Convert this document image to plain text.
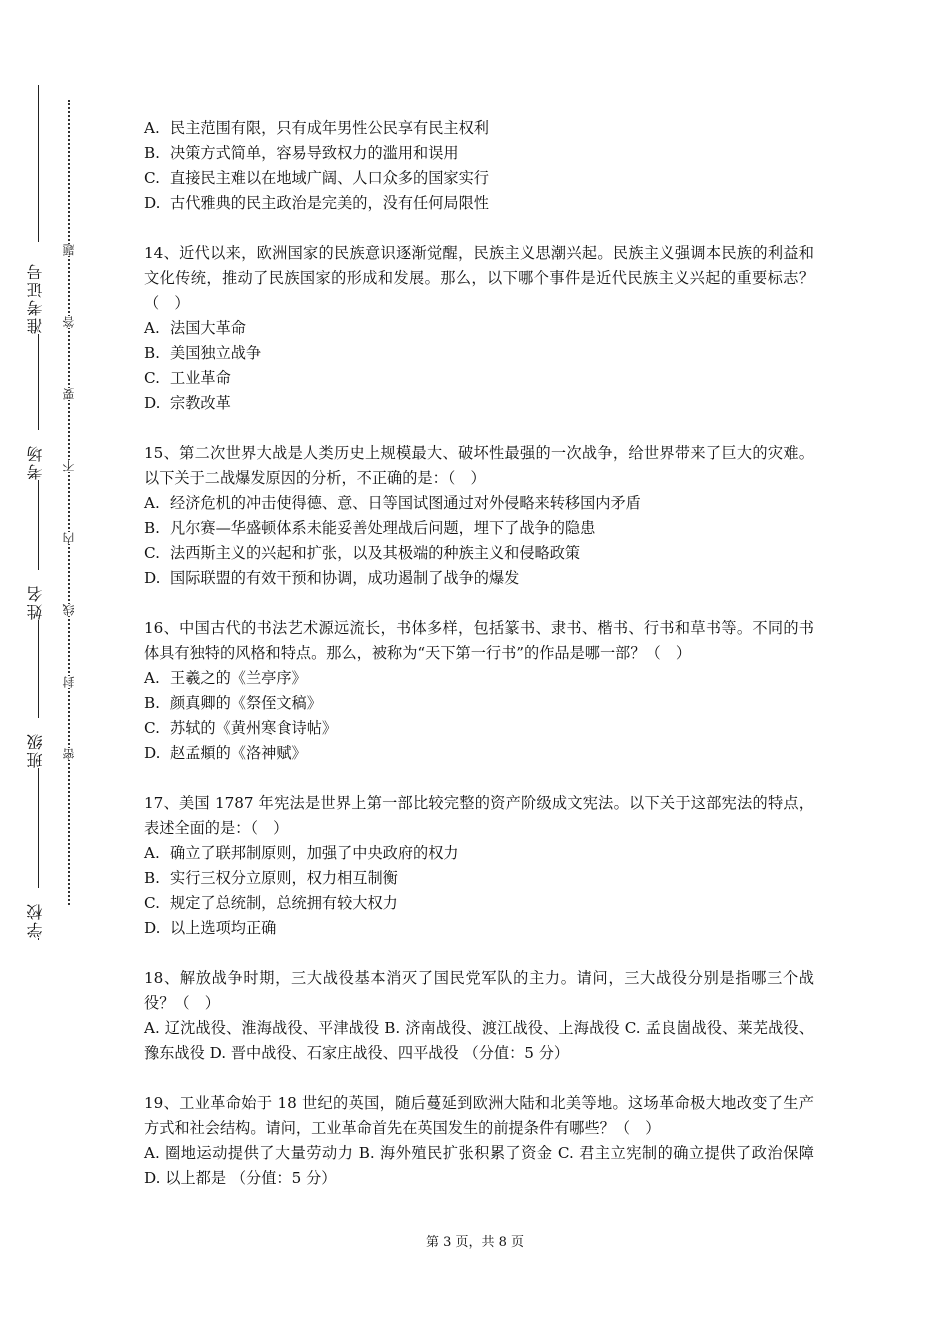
准考证号
考场
姓名
班级
学校
题
答
要
不
内
线
封
密
A. 民主范围有限，只有成年男性公民享有民主权利
B. 决策方式简单，容易导致权力的滥用和误用
C. 直接民主难以在地域广阔、人口众多的国家实行
D. 古代雅典的民主政治是完美的，没有任何局限性
14、近代以来，欧洲国家的民族意识逐渐觉醒，民族主义思潮兴起。民族主义强调本民族的利益和文化传统，推动了民族国家的形成和发展。那么，以下哪个事件是近代民族主义兴起的重要标志？（　）
A. 法国大革命
B. 美国独立战争
C. 工业革命
D. 宗教改革
15、第二次世界大战是人类历史上规模最大、破坏性最强的一次战争，给世界带来了巨大的灾难。以下关于二战爆发原因的分析，不正确的是：（　）
A. 经济危机的冲击使得德、意、日等国试图通过对外侵略来转移国内矛盾
B. 凡尔赛—华盛顿体系未能妥善处理战后问题，埋下了战争的隐患
C. 法西斯主义的兴起和扩张，以及其极端的种族主义和侵略政策
D. 国际联盟的有效干预和协调，成功遏制了战争的爆发
16、中国古代的书法艺术源远流长，书体多样，包括篆书、隶书、楷书、行书和草书等。不同的书体具有独特的风格和特点。那么，被称为“天下第一行书”的作品是哪一部？（　）
A. 王羲之的《兰亭序》
B. 颜真卿的《祭侄文稿》
C. 苏轼的《黄州寒食诗帖》
D. 赵孟頫的《洛神赋》
17、美国 1787 年宪法是世界上第一部比较完整的资产阶级成文宪法。以下关于这部宪法的特点，表述全面的是：（　）
A. 确立了联邦制原则，加强了中央政府的权力
B. 实行三权分立原则，权力相互制衡
C. 规定了总统制，总统拥有较大权力
D. 以上选项均正确
18、解放战争时期，三大战役基本消灭了国民党军队的主力。请问，三大战役分别是指哪三个战役？（　）
A. 辽沈战役、淮海战役、平津战役 B. 济南战役、渡江战役、上海战役 C. 孟良崮战役、莱芜战役、豫东战役 D. 晋中战役、石家庄战役、四平战役 （分值：5 分）
19、工业革命始于 18 世纪的英国，随后蔓延到欧洲大陆和北美等地。这场革命极大地改变了生产方式和社会结构。请问，工业革命首先在英国发生的前提条件有哪些？（　）
A. 圈地运动提供了大量劳动力 B. 海外殖民扩张积累了资金 C. 君主立宪制的确立提供了政治保障 D. 以上都是 （分值：5 分）
第 3 页，共 8 页
